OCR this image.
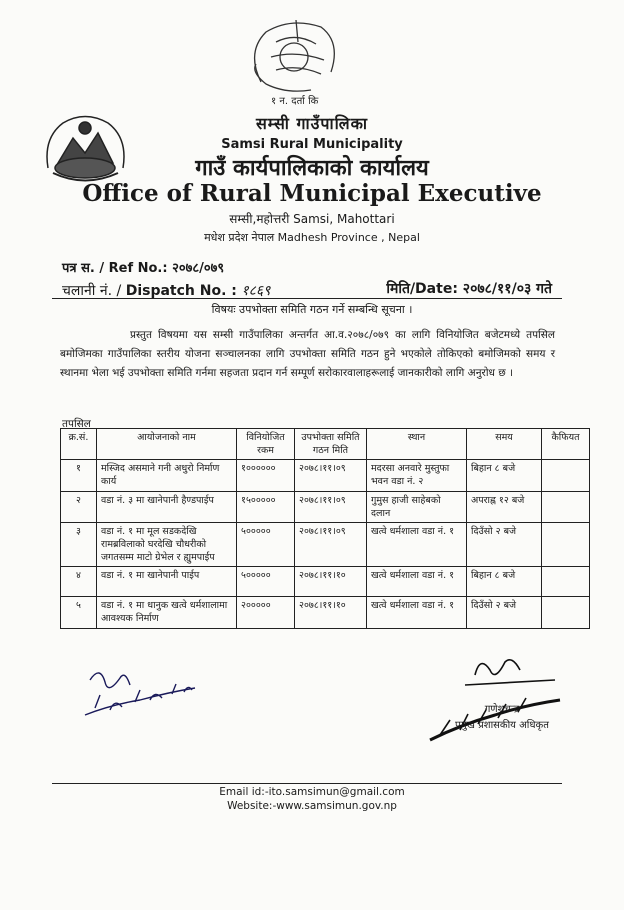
१ न. दर्ता कि
सम्सी गाउँपालिका
Samsi Rural Municipality
गाउँ कार्यपालिकाको कार्यालय
Office of Rural Municipal Executive
सम्सी,महोत्तरी Samsi, Mahottari
मधेश प्रदेश नेपाल Madhesh Province , Nepal
पत्र स. / Ref No.: २०७८/०७९
चलानी नं. / Dispatch No. : १८६९	मिति/Date: २०७८/११/०३ गते
विषयः उपभोक्ता समिति गठन गर्ने सम्बन्धि सूचना ।
प्रस्तुत विषयमा यस सम्सी गाउँपालिका अन्तर्गत आ.व.२०७८/०७९ का लागि विनियोजित बजेटमध्ये तपसिल बमोजिमका गाउँपालिका स्तरीय योजना सञ्चालनका लागि उपभोक्ता समिति गठन हुने भएकोले तोकिएको बमोजिमको समय र स्थानमा भेला भई उपभोक्ता समिति गर्नमा सहजता प्रदान गर्न सम्पूर्ण सरोकारवालाहरूलाई जानकारीको लागि अनुरोध छ ।
तपसिल
क्र.सं.	आयोजनाको नाम	विनियोजित रकम	उपभोक्ता समिति गठन मिति	स्थान	समय	कैफियत
१	मस्जिद असमाने गनी अधुरो निर्माण कार्य	१००००००	२०७८।११।०९	मदरसा अनवारे मुस्तुफा भवन वडा नं. २	बिहान ८ बजे	
२	वडा नं. ३ मा खानेपानी हैण्डपाईप	१५०००००	२०७८।११।०९	गुमुस हाजी साहेबको दलान	अपराह्न १२ बजे	
३	वडा नं. १ मा मूल सडकदेखि रामब्रविलाको घरदेखि चौधरीको जगतसम्म माटो ग्रेभेल र ह्युमपाईप	५०००००	२०७८।११।०९	खत्वे धर्मशाला वडा नं. १	दिउँसो २ बजे	
४	वडा नं. १ मा खानेपानी पाईप	५०००००	२०७८।११।१०	खत्वे धर्मशाला वडा नं. १	बिहान ८ बजे	
५	वडा नं. १ मा धानुक खत्वे धर्मशालामा आवश्यक निर्माण	२०००००	२०७८।११।१०	खत्वे धर्मशाला वडा नं. १	दिउँसो २ बजे	
गणेशचन्द्र
प्रमुख प्रशासकीय अधिकृत
Email id:-ito.samsimun@gmail.com
Website:-www.samsimun.gov.np
